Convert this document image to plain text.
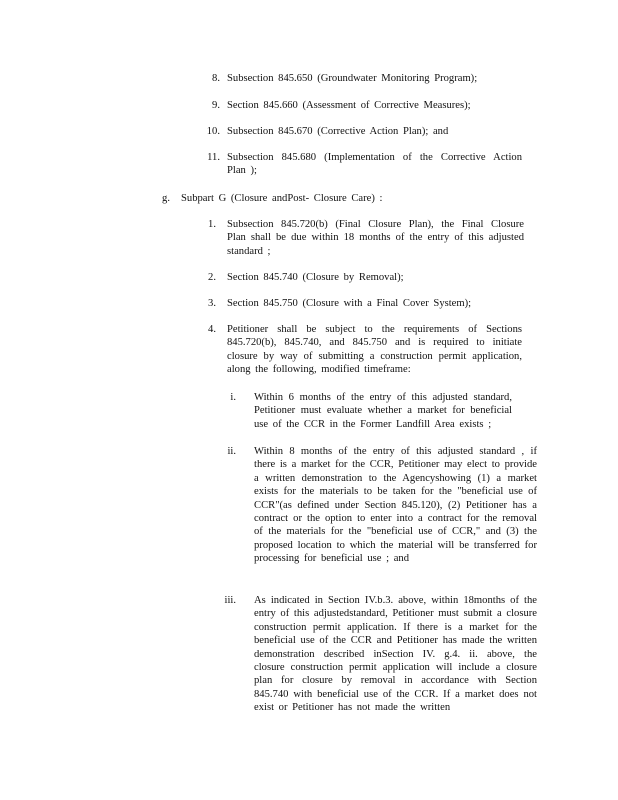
8. Subsection 845.650 (Groundwater Monitoring Program);
9. Section 845.660 (Assessment of Corrective Measures);
10. Subsection 845.670 (Corrective Action Plan); and
11. Subsection 845.680 (Implementation of the Corrective Action Plan );
g. Subpart G (Closure andPost- Closure Care) :
1. Subsection 845.720(b) (Final Closure Plan), the Final Closure Plan shall be due within 18 months of the entry of this adjusted standard ;
2. Section 845.740 (Closure by Removal);
3. Section 845.750 (Closure with a Final Cover System);
4. Petitioner shall be subject to the requirements of Sections 845.720(b), 845.740, and 845.750 and is required to initiate closure by way of submitting a construction permit application, along the following, modified timeframe:
i. Within 6 months of the entry of this adjusted standard, Petitioner must evaluate whether a market for beneficial use of the CCR in the Former Landfill Area exists ;
ii. Within 8 months of the entry of this adjusted standard , if there is a market for the CCR, Petitioner may elect to provide a written demonstration to the Agencyshowing (1) a market exists for the materials to be taken for the "beneficial use of CCR"(as defined under Section 845.120), (2) Petitioner has a contract or the option to enter into a contract for the removal of the materials for the "beneficial use of CCR," and (3) the proposed location to which the material will be transferred for processing for beneficial use ; and
iii. As indicated in Section IV.b.3. above, within 18months of the entry of this adjustedstandard, Petitioner must submit a closure construction permit application. If there is a market for the beneficial use of the CCR and Petitioner has made the written demonstration described inSection IV. g.4. ii. above, the closure construction permit application will include a closure plan for closure by removal in accordance with Section 845.740 with beneficial use of the CCR. If a market does not exist or Petitioner has not made the written
